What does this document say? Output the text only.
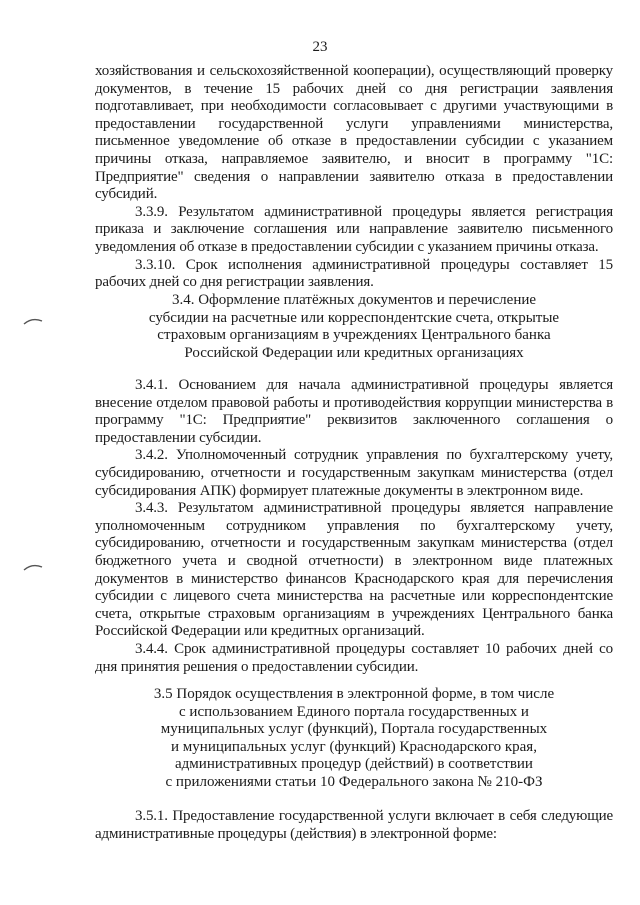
23

хозяйствования и сельскохозяйственной кооперации), осуществляющий проверку документов, в течение 15 рабочих дней со дня регистрации заявления подготавливает, при необходимости согласовывает с другими участвующими в предоставлении государственной услуги управлениями министерства, письменное уведомление об отказе в предоставлении субсидии с указанием причины отказа, направляемое заявителю, и вносит в программу "1С: Предприятие" сведения о направлении заявителю отказа в предоставлении субсидий.

3.3.9. Результатом административной процедуры является регистрация приказа и заключение соглашения или направление заявителю письменного уведомления об отказе в предоставлении субсидии с указанием причины отказа.

3.3.10. Срок исполнения административной процедуры составляет 15 рабочих дней со дня регистрации заявления.

3.4. Оформление платёжных документов и перечисление
субсидии на расчетные или корреспондентские счета, открытые
страховым организациям в учреждениях Центрального банка
Российской Федерации или кредитных организациях

3.4.1. Основанием для начала административной процедуры является внесение отделом правовой работы и противодействия коррупции министерства в программу "1С: Предприятие" реквизитов заключенного соглашения о предоставлении субсидии.

3.4.2. Уполномоченный сотрудник управления по бухгалтерскому учету, субсидированию, отчетности и государственным закупкам министерства (отдел субсидирования АПК) формирует платежные документы в электронном виде.

3.4.3. Результатом административной процедуры является направление уполномоченным сотрудником управления по бухгалтерскому учету, субсидированию, отчетности и государственным закупкам министерства (отдел бюджетного учета и сводной отчетности) в электронном виде платежных документов в министерство финансов Краснодарского края для перечисления субсидии с лицевого счета министерства на расчетные или корреспондентские счета, открытые страховым организациям в учреждениях Центрального банка Российской Федерации или кредитных организаций.

3.4.4. Срок административной процедуры составляет 10 рабочих дней со дня принятия решения о предоставлении субсидии.

3.5 Порядок осуществления в электронной форме, в том числе
с использованием Единого портала государственных и
муниципальных услуг (функций), Портала государственных
и муниципальных услуг (функций) Краснодарского края,
административных процедур (действий) в соответствии
с приложениями статьи 10 Федерального закона № 210-ФЗ

3.5.1. Предоставление государственной услуги включает в себя следующие административные процедуры (действия) в электронной форме:
